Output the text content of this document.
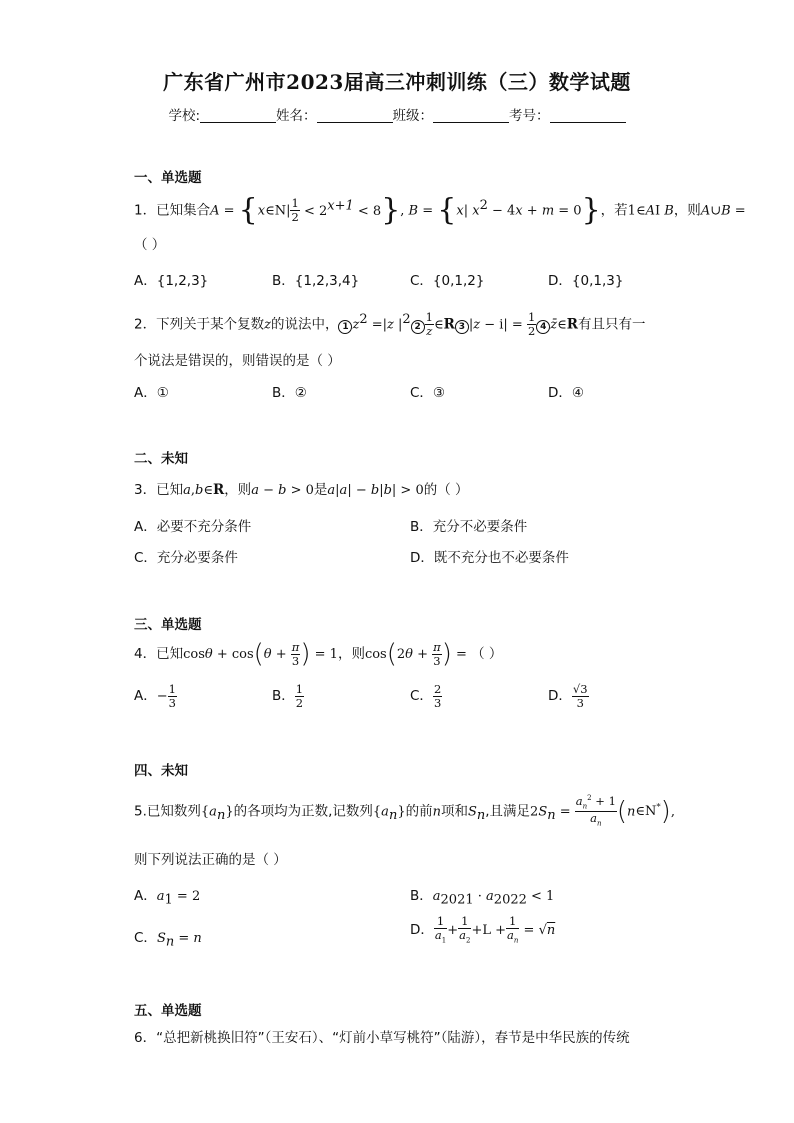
广东省广州市2023届高三冲刺训练（三）数学试题
学校:	姓名：	班级：	考号：
一、单选题
1．已知集合A = {x∈N| $\frac{1}{2} < 2^{x+1} < 8$}, B = {x| $x^2 - 4x + m = 0$}，若1∈AI B，则A∪B =
（ ）
A．{1,2,3}	B．{1,2,3,4}	C．{0,1,2}	D．{0,1,3}
2．下列关于某个复数z的说法中， 1 $z^2 =|z$ $|^2$ $2 \frac{1}{z}$ ∈R 3 $|z - i| = \frac{1}{2} 4$ z̄∈R有且只有一
个说法是错误的，则错误的是（ ）
A．①	B．②	C．③	D．④
二、未知
3．已知a,b∈R，则a − b > 0是a|a| − b|b| > 0的（ ）
A．必要不充分条件	B．充分不必要条件
C．充分必要条件	D．既不充分也不必要条件
三、单选题
4．已知$\cos\theta + \cos(\theta + \frac{\pi}{3}$ ) = 1，则$\cos(2\theta + \frac{\pi}{3}$ ) = （ ）
A．− $\frac{1}{3}$	B． $\frac{1}{2}$	C． $\frac{2}{3}$	D． $\frac{√3}{3}$
四、未知
5.已知数列$\{a_n\}$的各项均为正数,记数列$\{a_n\}$的前n项和$S_n$,且满足$2S_n = \frac{a_n^2 + 1}{a_n}$ (n∈N*),
则下列说法正确的是（ ）
A．$a_1 = 2$	B．$a_{2021} \cdot a_{2022} < 1$
C．$S_n = n$
D． $\frac{1}{a_1} + \frac{1}{a_2} +L + \frac{1}{a_n} = √n$
五、单选题
6．“总把新桃换旧符”（王安石）、“灯前小草写桃符”（陆游），春节是中华民族的传统
